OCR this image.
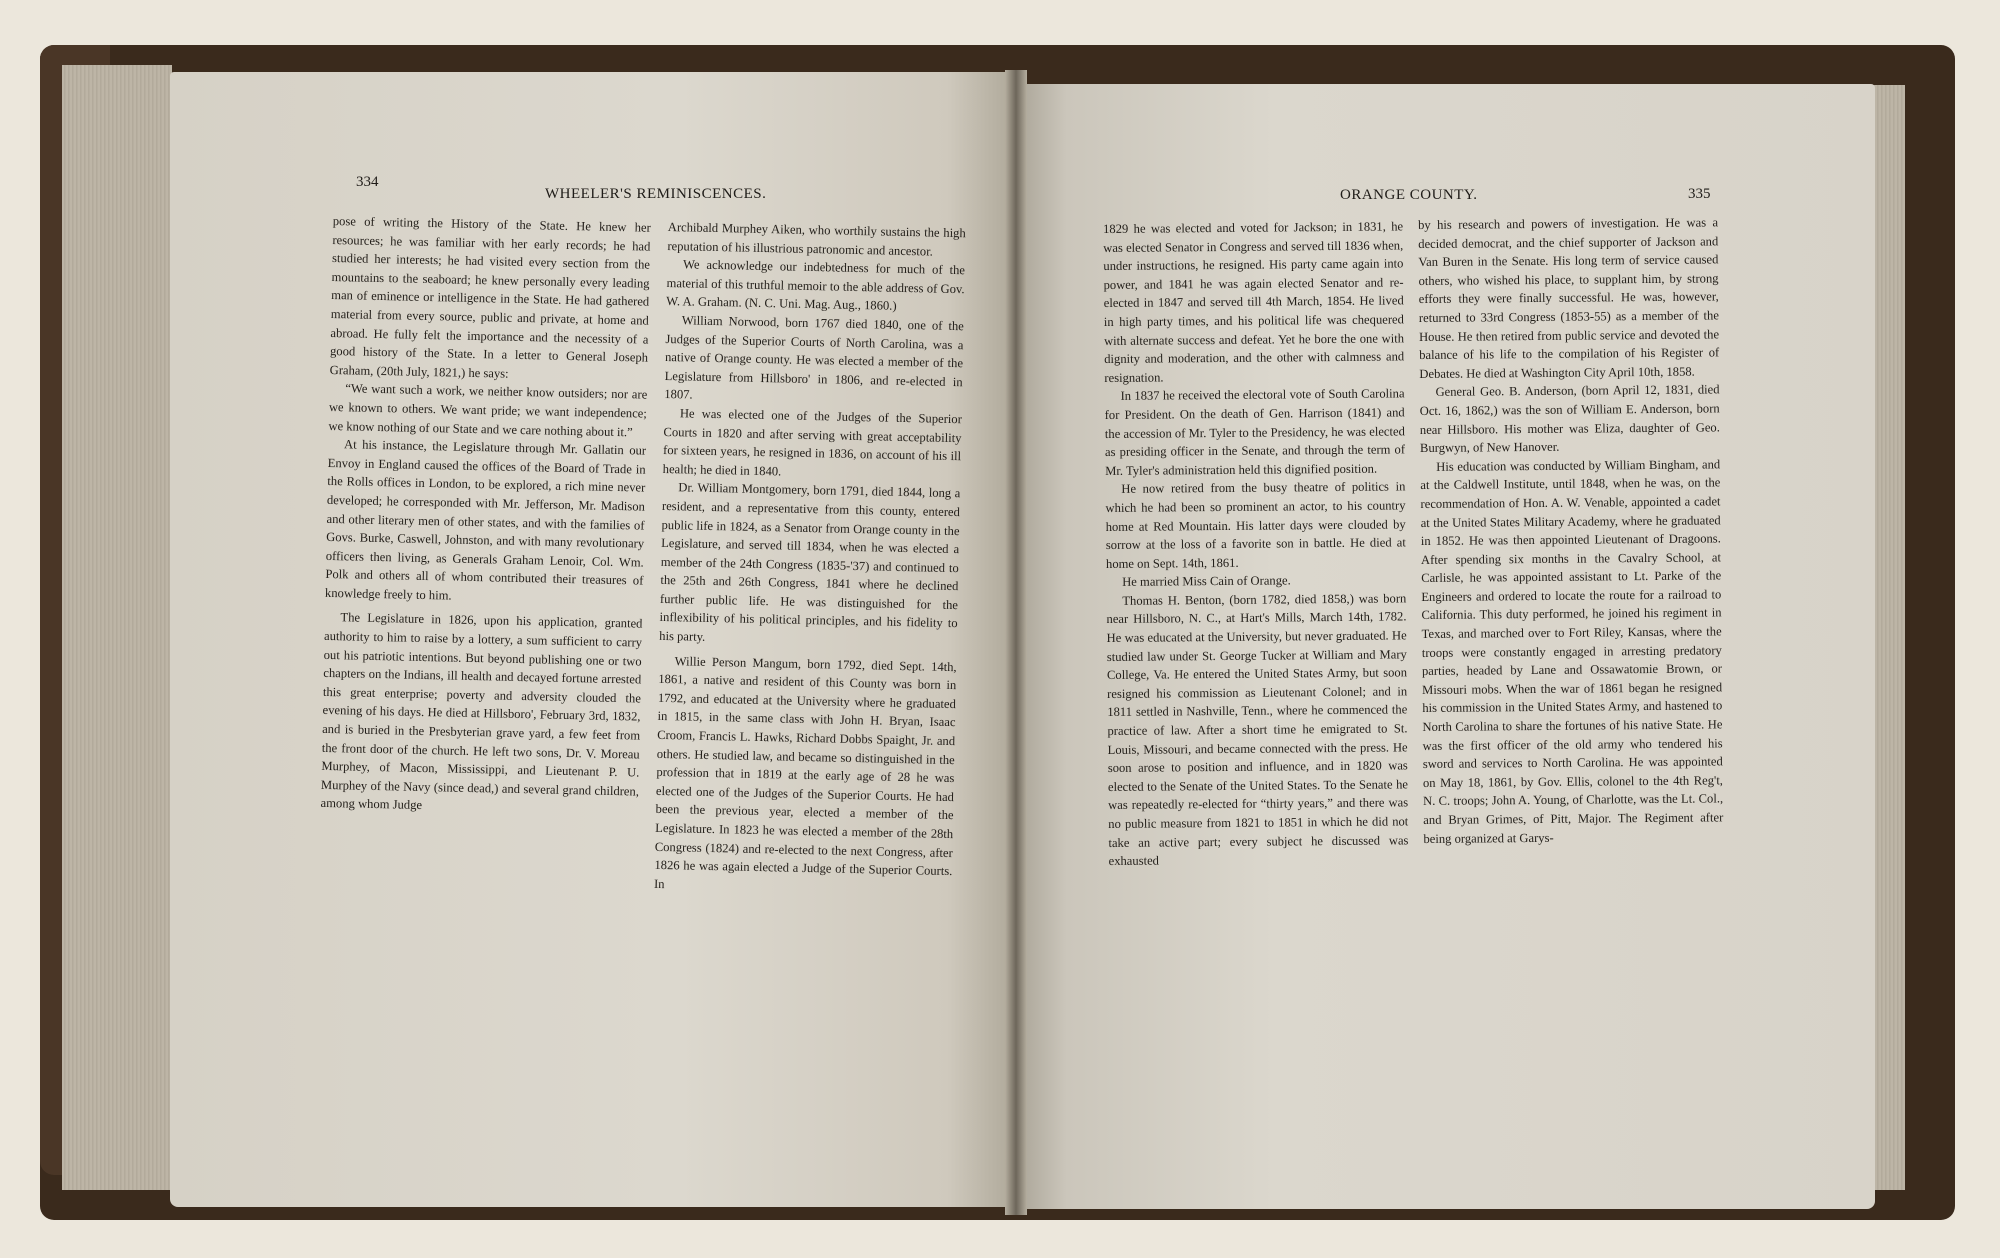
334
WHEELER'S REMINISCENCES.

pose of writing the History of the State. He knew her resources; he was familiar with her early records; he had studied her interests; he had visited every section from the mountains to the seaboard; he knew personally every leading man of eminence or intelligence in the State. He had gathered material from every source, public and private, at home and abroad. He fully felt the importance and the necessity of a good history of the State. In a letter to General Joseph Graham, (20th July, 1821,) he says:

“We want such a work, we neither know outsiders; nor are we known to others. We want pride; we want independence; we know nothing of our State and we care nothing about it.”

At his instance, the Legislature through Mr. Gallatin our Envoy in England caused the offices of the Board of Trade in the Rolls offices in London, to be explored, a rich mine never developed; he corresponded with Mr. Jefferson, Mr. Madison and other literary men of other states, and with the families of Govs. Burke, Caswell, Johnston, and with many revolutionary officers then living, as Generals Graham Lenoir, Col. Wm. Polk and others all of whom contributed their treasures of knowledge freely to him.

The Legislature in 1826, upon his application, granted authority to him to raise by a lottery, a sum sufficient to carry out his patriotic intentions. But beyond publishing one or two chapters on the Indians, ill health and decayed fortune arrested this great enterprise; poverty and adversity clouded the evening of his days. He died at Hillsboro', February 3rd, 1832, and is buried in the Presbyterian grave yard, a few feet from the front door of the church. He left two sons, Dr. V. Moreau Murphey, of Macon, Mississippi, and Lieutenant P. U. Murphey of the Navy (since dead,) and several grand children, among whom Judge

Archibald Murphey Aiken, who worthily sustains the high reputation of his illustrious patronomic and ancestor.

We acknowledge our indebtedness for much of the material of this truthful memoir to the able address of Gov. W. A. Graham. (N. C. Uni. Mag. Aug., 1860.)

William Norwood, born 1767 died 1840, one of the Judges of the Superior Courts of North Carolina, was a native of Orange county. He was elected a member of the Legislature from Hillsboro' in 1806, and re-elected in 1807.

He was elected one of the Judges of the Superior Courts in 1820 and after serving with great acceptability for sixteen years, he resigned in 1836, on account of his ill health; he died in 1840.

Dr. William Montgomery, born 1791, died 1844, long a resident, and a representative from this county, entered public life in 1824, as a Senator from Orange county in the Legislature, and served till 1834, when he was elected a member of the 24th Congress (1835-'37) and continued to the 25th and 26th Congress, 1841 where he declined further public life. He was distinguished for the inflexibility of his political principles, and his fidelity to his party.

Willie Person Mangum, born 1792, died Sept. 14th, 1861, a native and resident of this County was born in 1792, and educated at the University where he graduated in 1815, in the same class with John H. Bryan, Isaac Croom, Francis L. Hawks, Richard Dobbs Spaight, Jr. and others. He studied law, and became so distinguished in the profession that in 1819 at the early age of 28 he was elected one of the Judges of the Superior Courts. He had been the previous year, elected a member of the Legislature. In 1823 he was elected a member of the 28th Congress (1824) and re-elected to the next Congress, after 1826 he was again elected a Judge of the Superior Courts. In

ORANGE COUNTY.	335

1829 he was elected and voted for Jackson; in 1831, he was elected Senator in Congress and served till 1836 when, under instructions, he resigned. His party came again into power, and 1841 he was again elected Senator and re-elected in 1847 and served till 4th March, 1854. He lived in high party times, and his political life was chequered with alternate success and defeat. Yet he bore the one with dignity and moderation, and the other with calmness and resignation.

In 1837 he received the electoral vote of South Carolina for President. On the death of Gen. Harrison (1841) and the accession of Mr. Tyler to the Presidency, he was elected as presiding officer in the Senate, and through the term of Mr. Tyler's administration held this dignified position.

He now retired from the busy theatre of politics in which he had been so prominent an actor, to his country home at Red Mountain. His latter days were clouded by sorrow at the loss of a favorite son in battle. He died at home on Sept. 14th, 1861.

He married Miss Cain of Orange.

Thomas H. Benton, (born 1782, died 1858,) was born near Hillsboro, N. C., at Hart's Mills, March 14th, 1782. He was educated at the University, but never graduated. He studied law under St. George Tucker at William and Mary College, Va. He entered the United States Army, but soon resigned his commission as Lieutenant Colonel; and in 1811 settled in Nashville, Tenn., where he commenced the practice of law. After a short time he emigrated to St. Louis, Missouri, and became connected with the press. He soon arose to position and influence, and in 1820 was elected to the Senate of the United States. To the Senate he was repeatedly re-elected for “thirty years,” and there was no public measure from 1821 to 1851 in which he did not take an active part; every subject he discussed was exhausted

by his research and powers of investigation. He was a decided democrat, and the chief supporter of Jackson and Van Buren in the Senate. His long term of service caused others, who wished his place, to supplant him, by strong efforts they were finally successful. He was, however, returned to 33rd Congress (1853-55) as a member of the House. He then retired from public service and devoted the balance of his life to the compilation of his Register of Debates. He died at Washington City April 10th, 1858.

General Geo. B. Anderson, (born April 12, 1831, died Oct. 16, 1862,) was the son of William E. Anderson, born near Hillsboro. His mother was Eliza, daughter of Geo. Burgwyn, of New Hanover.

His education was conducted by William Bingham, and at the Caldwell Institute, until 1848, when he was, on the recommendation of Hon. A. W. Venable, appointed a cadet at the United States Military Academy, where he graduated in 1852. He was then appointed Lieutenant of Dragoons. After spending six months in the Cavalry School, at Carlisle, he was appointed assistant to Lt. Parke of the Engineers and ordered to locate the route for a railroad to California. This duty performed, he joined his regiment in Texas, and marched over to Fort Riley, Kansas, where the troops were constantly engaged in arresting predatory parties, headed by Lane and Ossawatomie Brown, or Missouri mobs. When the war of 1861 began he resigned his commission in the United States Army, and hastened to North Carolina to share the fortunes of his native State. He was the first officer of the old army who tendered his sword and services to North Carolina. He was appointed on May 18, 1861, by Gov. Ellis, colonel to the 4th Reg't, N. C. troops; John A. Young, of Charlotte, was the Lt. Col., and Bryan Grimes, of Pitt, Major. The Regiment after being organized at Garys-
